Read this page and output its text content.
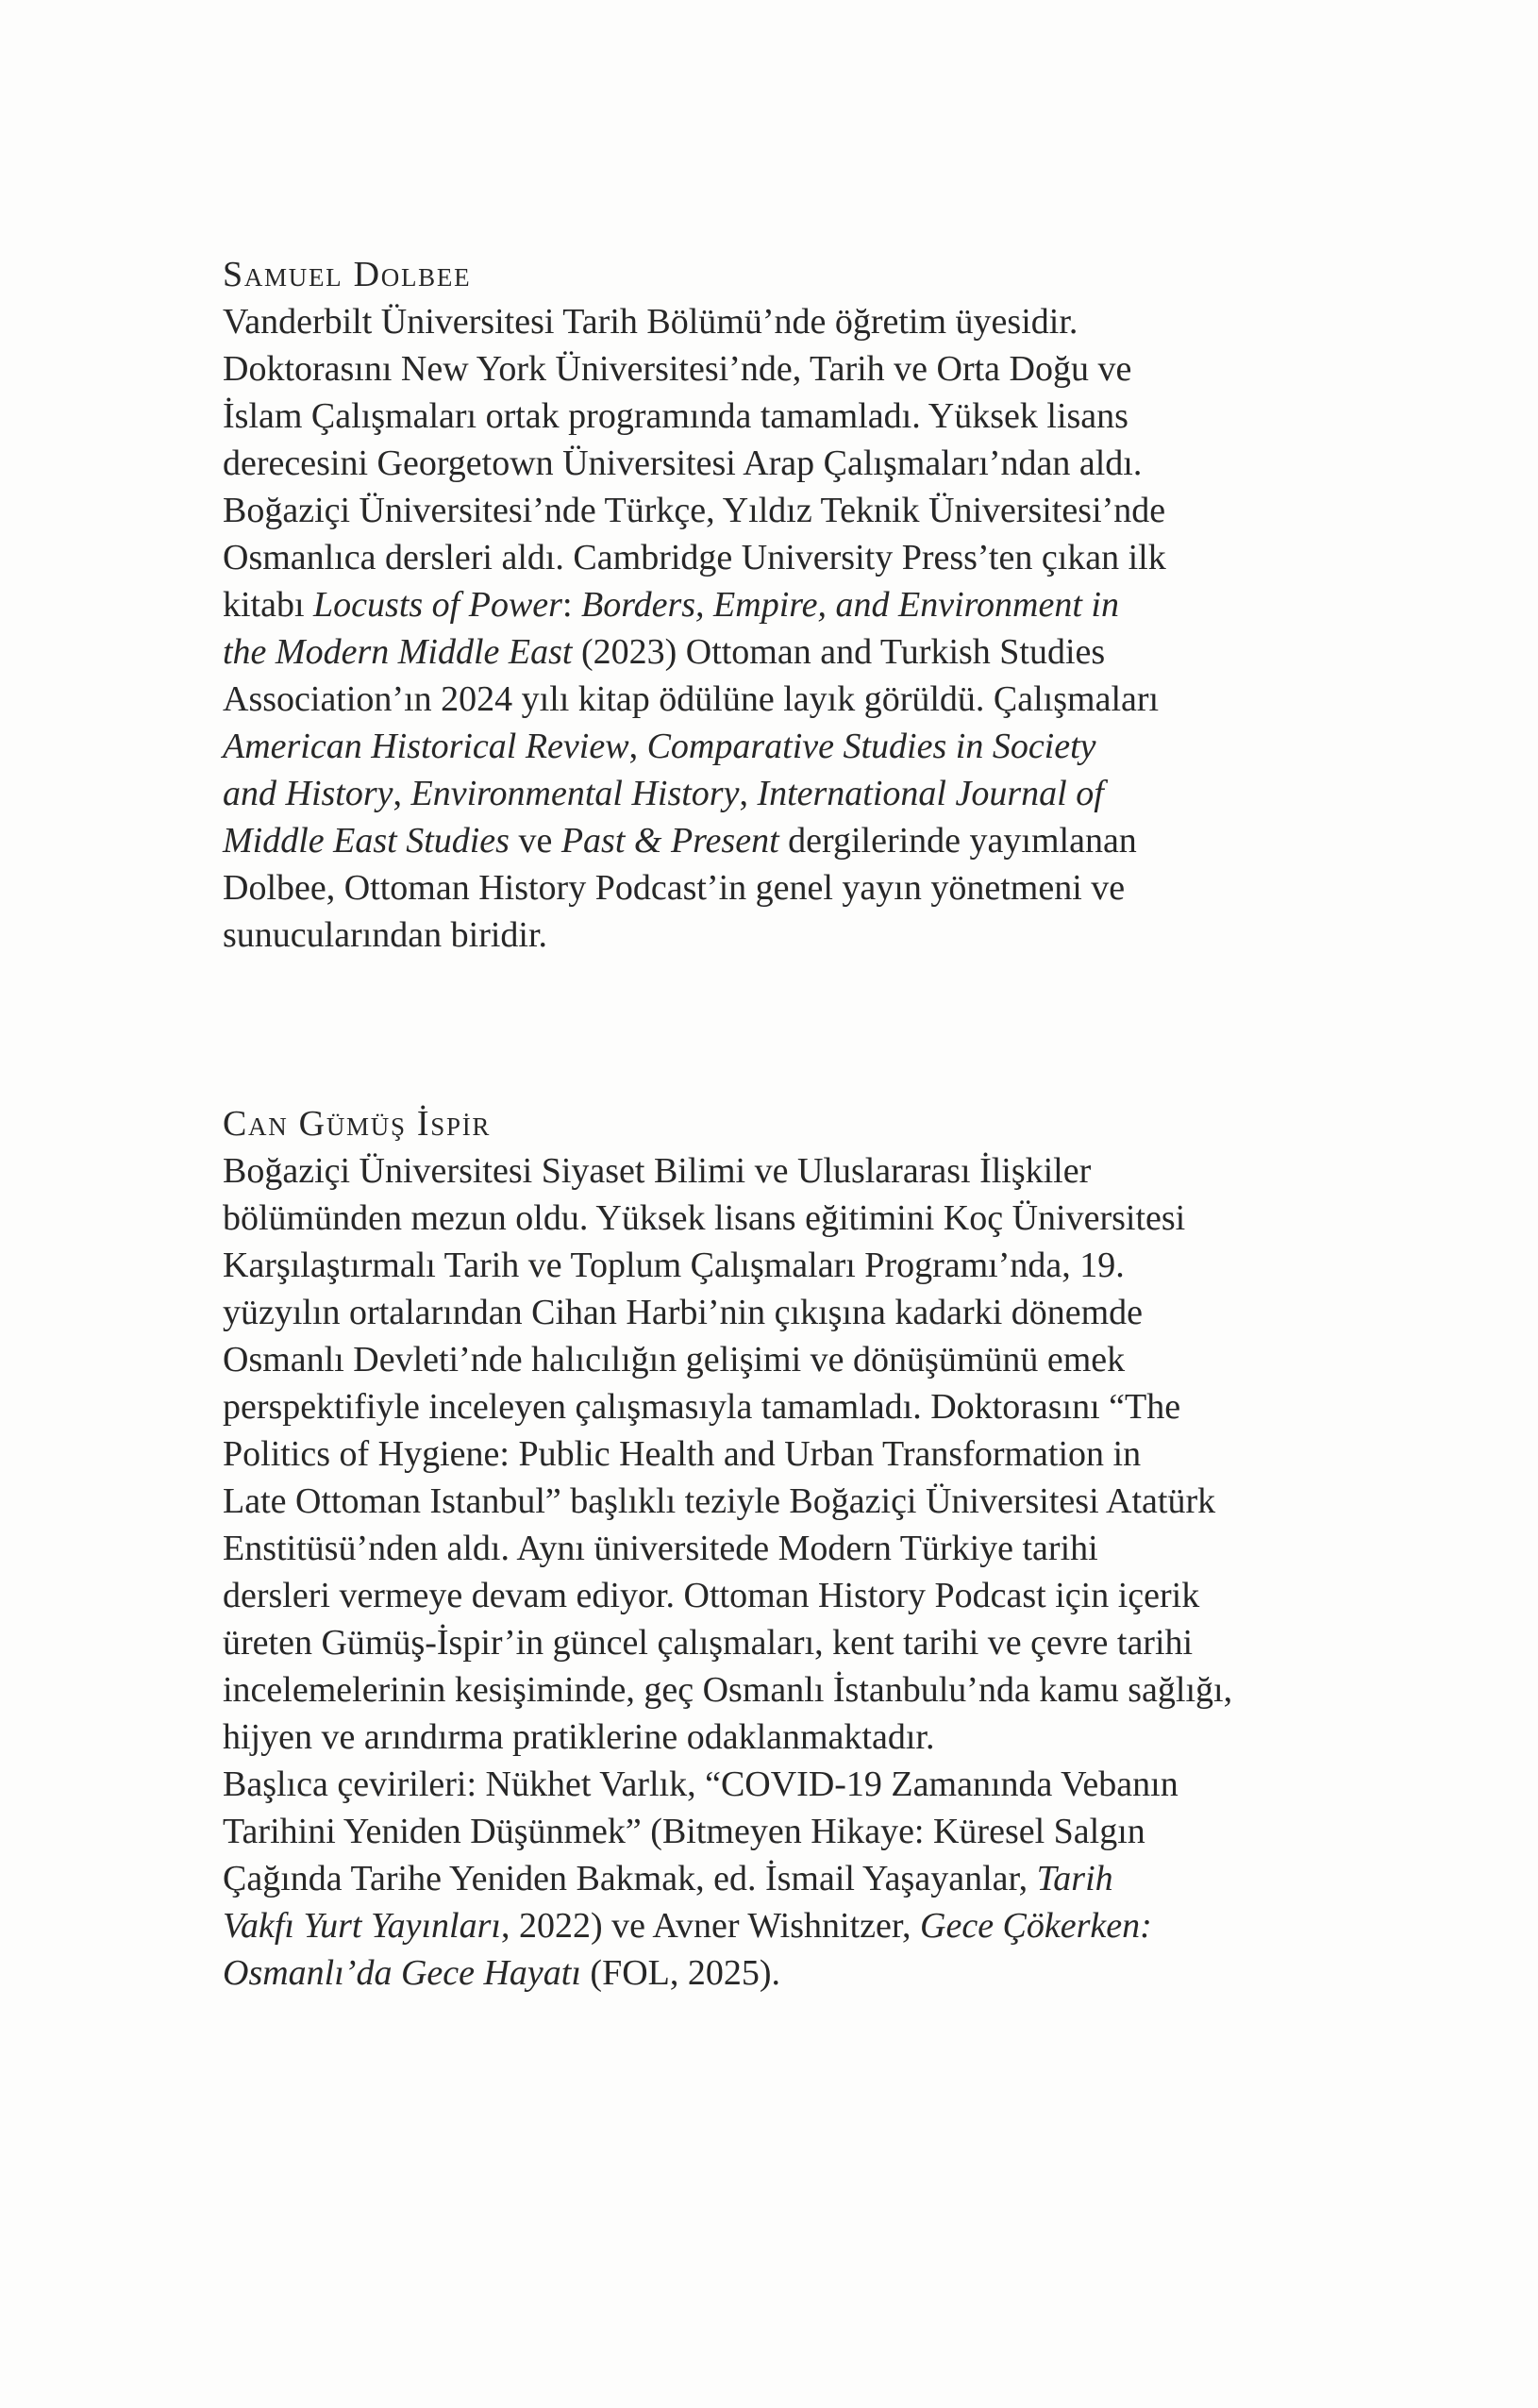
Samuel Dolbee
Vanderbilt Üniversitesi Tarih Bölümü’nde öğretim üyesidir.
Doktorasını New York Üniversitesi’nde, Tarih ve Orta Doğu ve
İslam Çalışmaları ortak programında tamamladı. Yüksek lisans
derecesini Georgetown Üniversitesi Arap Çalışmaları’ndan aldı.
Boğaziçi Üniversitesi’nde Türkçe, Yıldız Teknik Üniversitesi’nde
Osmanlıca dersleri aldı. Cambridge University Press’ten çıkan ilk
kitabı Locusts of Power: Borders, Empire, and Environment in
the Modern Middle East (2023) Ottoman and Turkish Studies
Association’ın 2024 yılı kitap ödülüne layık görüldü. Çalışmaları
American Historical Review, Comparative Studies in Society
and History, Environmental History, International Journal of
Middle East Studies ve Past & Present dergilerinde yayımlanan
Dolbee, Ottoman History Podcast’in genel yayın yönetmeni ve
sunucularından biridir.
Can Gümüş İspir
Boğaziçi Üniversitesi Siyaset Bilimi ve Uluslararası İlişkiler
bölümünden mezun oldu. Yüksek lisans eğitimini Koç Üniversitesi
Karşılaştırmalı Tarih ve Toplum Çalışmaları Programı’nda, 19.
yüzyılın ortalarından Cihan Harbi’nin çıkışına kadarki dönemde
Osmanlı Devleti’nde halıcılığın gelişimi ve dönüşümünü emek
perspektifiyle inceleyen çalışmasıyla tamamladı. Doktorasını “The
Politics of Hygiene: Public Health and Urban Transformation in
Late Ottoman Istanbul” başlıklı teziyle Boğaziçi Üniversitesi Atatürk
Enstitüsü’nden aldı. Aynı üniversitede Modern Türkiye tarihi
dersleri vermeye devam ediyor. Ottoman History Podcast için içerik
üreten Gümüş-İspir’in güncel çalışmaları, kent tarihi ve çevre tarihi
incelemelerinin kesişiminde, geç Osmanlı İstanbulu’nda kamu sağlığı,
hijyen ve arındırma pratiklerine odaklanmaktadır.
Başlıca çevirileri: Nükhet Varlık, “COVID-19 Zamanında Vebanın
Tarihini Yeniden Düşünmek” (Bitmeyen Hikaye: Küresel Salgın
Çağında Tarihe Yeniden Bakmak, ed. İsmail Yaşayanlar, Tarih
Vakfı Yurt Yayınları, 2022) ve Avner Wishnitzer, Gece Çökerken:
Osmanlı’da Gece Hayatı (FOL, 2025).
